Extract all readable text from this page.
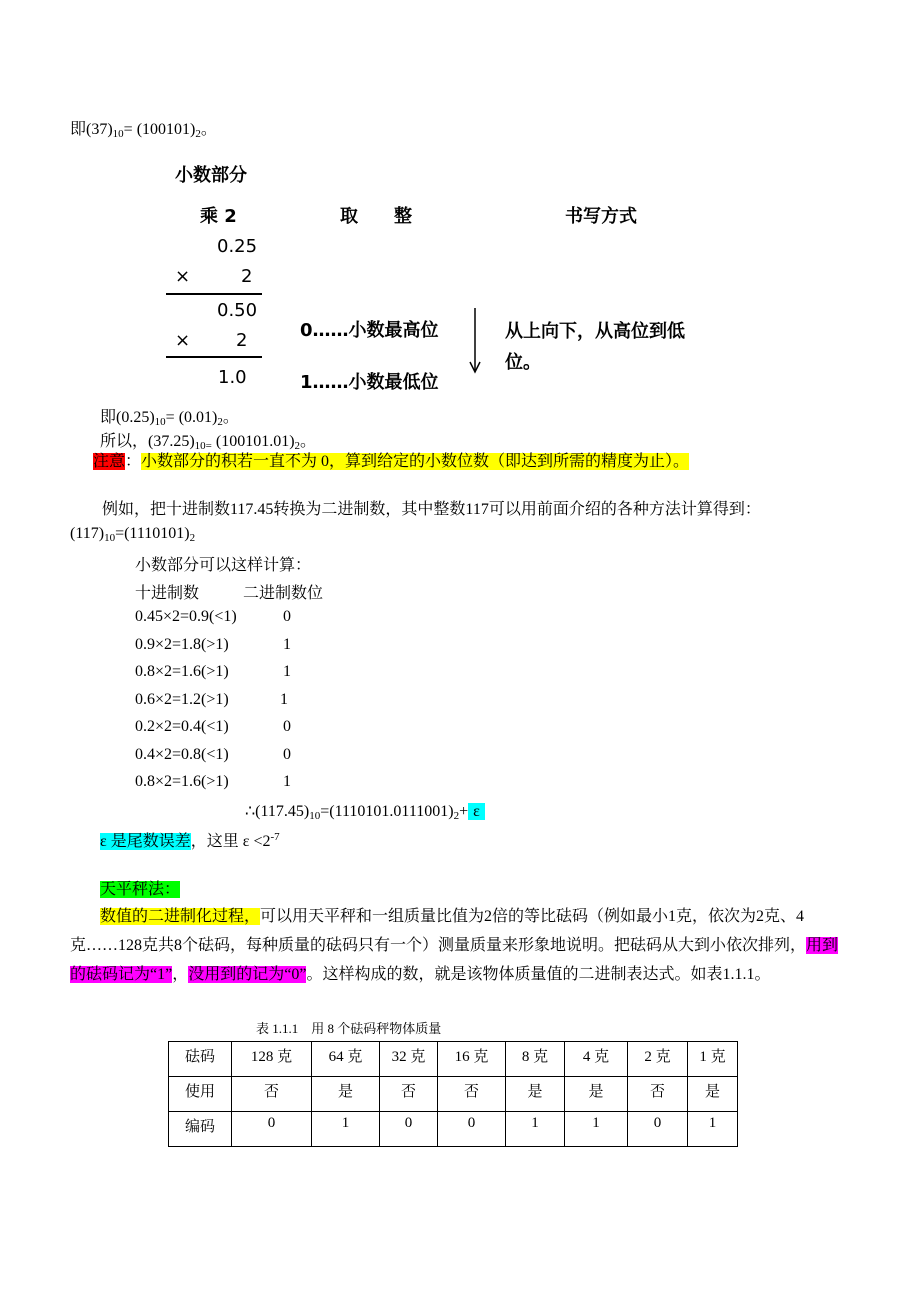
即$(37)_{10}= (100101)_2$。
小数部分
乘 2	取　　整	书写方式
0.25
×	2
0.50
×	2
1.0
0……小数最高位
1……小数最低位
从上向下，从高位到低
位。
即$(0.25)_{10}= (0.01)_2$。
所以，$(37.25)_{10=}$ $(100101.01)_2$。
注意：小数部分的积若一直不为 0，算到给定的小数位数（即达到所需的精度为止）。
例如，把十进制数117.45转换为二进制数，其中整数117可以用前面介绍的各种方法计算得到：
$(117)_{10}=(1110101)_2$
小数部分可以这样计算：
十进制数	二进制数位
0.45×2=0.9(<1)	0
0.9×2=1.8(>1)	1
0.8×2=1.6(>1)	1
0.6×2=1.2(>1)	1
0.2×2=0.4(<1)	0
0.4×2=0.8(<1)	0
0.8×2=1.6(>1)	1
$\therefore(117.45)_{10}=(1110101.0111001)_2+ \varepsilon$
ε 是尾数误差，这里 $\varepsilon <2^{-7}$
天平秤法：
数值的二进制化过程，可以用天平秤和一组质量比值为2倍的等比砝码（例如最小1克，依次为2克、4克……128克共8个砝码，每种质量的砝码只有一个）测量质量来形象地说明。把砝码从大到小依次排列，用到的砝码记为“1”，没用到的记为“0”。这样构成的数，就是该物体质量值的二进制表达式。如表1.1.1。
表 1.1.1　用 8 个砝码秤物体质量
砝码	128 克	64 克	32 克	16 克	8 克	4 克	2 克	1 克
使用	否	是	否	否	是	是	否	是
编码	0	1	0	0	1	1	0	1
